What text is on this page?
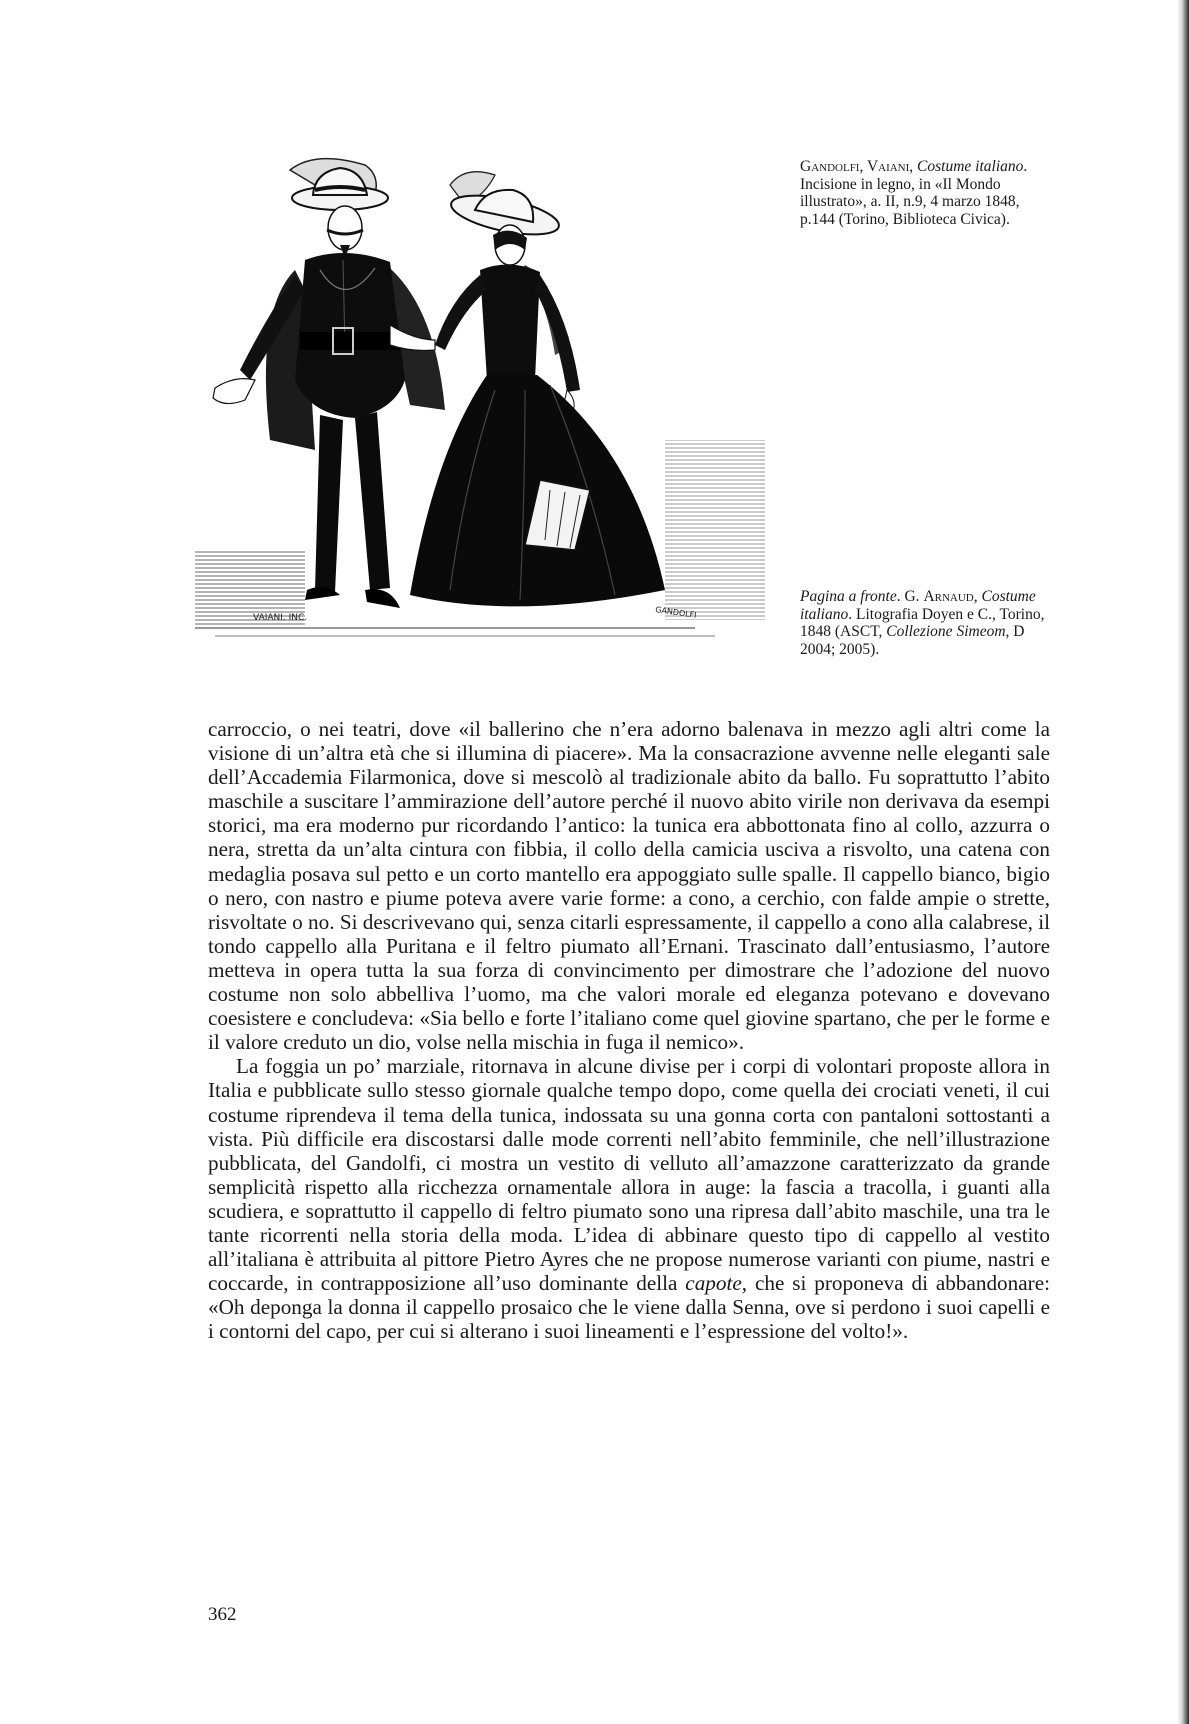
VAIANI. INC.	GANDOLFI

Gandolfi, Vaiani, Costume italiano. Incisione in legno, in «Il Mondo illustrato», a. II, n.9, 4 marzo 1848, p.144 (Torino, Biblioteca Civica).

Pagina a fronte. G. Arnaud, Costume italiano. Litografia Doyen e C., Torino, 1848 (ASCT, Collezione Simeom, D 2004; 2005).

carroccio, o nei teatri, dove «il ballerino che n’era adorno balenava in mezzo agli altri come la visione di un’altra età che si illumina di piacere». Ma la consacrazione avvenne nelle eleganti sale dell’Accademia Filarmonica, dove si mescolò al tradizionale abito da ballo. Fu soprattutto l’abito maschile a suscitare l’ammirazione dell’autore perché il nuovo abito virile non derivava da esempi storici, ma era moderno pur ricordando l’antico: la tunica era abbottonata fino al collo, azzurra o nera, stretta da un’alta cintura con fibbia, il collo della camicia usciva a risvolto, una catena con medaglia posava sul petto e un corto mantello era appoggiato sulle spalle. Il cappello bianco, bigio o nero, con nastro e piume poteva avere varie forme: a cono, a cerchio, con falde ampie o strette, risvoltate o no. Si descrivevano qui, senza citarli espressamente, il cappello a cono alla calabrese, il tondo cappello alla Puritana e il feltro piumato all’Ernani. Trascinato dall’entusiasmo, l’autore metteva in opera tutta la sua forza di convincimento per dimostrare che l’adozione del nuovo costume non solo abbelliva l’uomo, ma che valori morale ed eleganza potevano e dovevano coesistere e concludeva: «Sia bello e forte l’italiano come quel giovine spartano, che per le forme e il valore creduto un dio, volse nella mischia in fuga il nemico».

La foggia un po’ marziale, ritornava in alcune divise per i corpi di volontari proposte allora in Italia e pubblicate sullo stesso giornale qualche tempo dopo, come quella dei crociati veneti, il cui costume riprendeva il tema della tunica, indossata su una gonna corta con pantaloni sottostanti a vista. Più difficile era discostarsi dalle mode correnti nell’abito femminile, che nell’illustrazione pubblicata, del Gandolfi, ci mostra un vestito di velluto all’amazzone caratterizzato da grande semplicità rispetto alla ricchezza ornamentale allora in auge: la fascia a tracolla, i guanti alla scudiera, e soprattutto il cappello di feltro piumato sono una ripresa dall’abito maschile, una tra le tante ricorrenti nella storia della moda. L’idea di abbinare questo tipo di cappello al vestito all’italiana è attribuita al pittore Pietro Ayres che ne propose numerose varianti con piume, nastri e coccarde, in contrapposizione all’uso dominante della capote, che si proponeva di abbandonare: «Oh deponga la donna il cappello prosaico che le viene dalla Senna, ove si perdono i suoi capelli e i contorni del capo, per cui si alterano i suoi lineamenti e l’espressione del volto!».

362
